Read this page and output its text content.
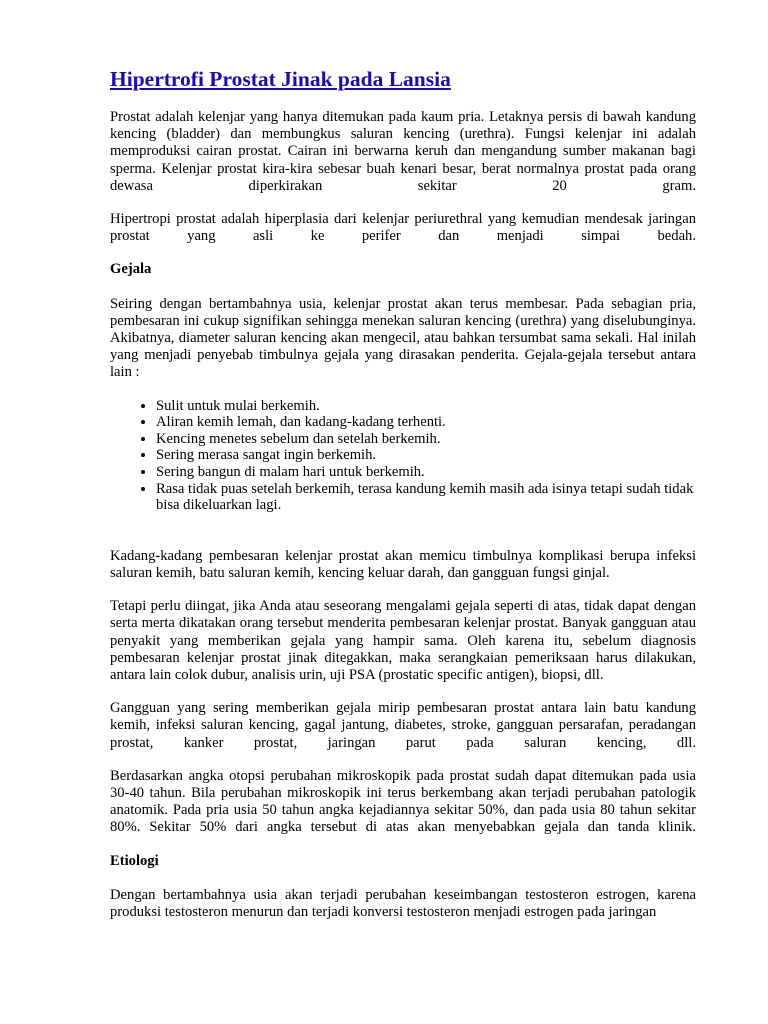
Hipertrofi Prostat Jinak pada Lansia

Prostat adalah kelenjar yang hanya ditemukan pada kaum pria. Letaknya persis di bawah kandung kencing (bladder) dan membungkus saluran kencing (urethra). Fungsi kelenjar ini adalah memproduksi cairan prostat. Cairan ini berwarna keruh dan mengandung sumber makanan bagi sperma. Kelenjar prostat kira-kira sebesar buah kenari besar, berat normalnya prostat pada orang dewasa diperkirakan sekitar 20 gram.

Hipertropi prostat adalah hiperplasia dari kelenjar periurethral yang kemudian mendesak jaringan prostat yang asli ke perifer dan menjadi simpai bedah.

Gejala

Seiring dengan bertambahnya usia, kelenjar prostat akan terus membesar. Pada sebagian pria, pembesaran ini cukup signifikan sehingga menekan saluran kencing (urethra) yang diselubunginya. Akibatnya, diameter saluran kencing akan mengecil, atau bahkan tersumbat sama sekali. Hal inilah yang menjadi penyebab timbulnya gejala yang dirasakan penderita. Gejala-gejala tersebut antara lain :

• Sulit untuk mulai berkemih.
• Aliran kemih lemah, dan kadang-kadang terhenti.
• Kencing menetes sebelum dan setelah berkemih.
• Sering merasa sangat ingin berkemih.
• Sering bangun di malam hari untuk berkemih.
• Rasa tidak puas setelah berkemih, terasa kandung kemih masih ada isinya tetapi sudah tidak bisa dikeluarkan lagi.

Kadang-kadang pembesaran kelenjar prostat akan memicu timbulnya komplikasi berupa infeksi saluran kemih, batu saluran kemih, kencing keluar darah, dan gangguan fungsi ginjal.

Tetapi perlu diingat, jika Anda atau seseorang mengalami gejala seperti di atas, tidak dapat dengan serta merta dikatakan orang tersebut menderita pembesaran kelenjar prostat. Banyak gangguan atau penyakit yang memberikan gejala yang hampir sama. Oleh karena itu, sebelum diagnosis pembesaran kelenjar prostat jinak ditegakkan, maka serangkaian pemeriksaan harus dilakukan, antara lain colok dubur, analisis urin, uji PSA (prostatic specific antigen), biopsi, dll.

Gangguan yang sering memberikan gejala mirip pembesaran prostat antara lain batu kandung kemih, infeksi saluran kencing, gagal jantung, diabetes, stroke, gangguan persarafan, peradangan prostat, kanker prostat, jaringan parut pada saluran kencing, dll.

Berdasarkan angka otopsi perubahan mikroskopik pada prostat sudah dapat ditemukan pada usia 30-40 tahun. Bila perubahan mikroskopik ini terus berkembang akan terjadi perubahan patologik anatomik. Pada pria usia 50 tahun angka kejadiannya sekitar 50%, dan pada usia 80 tahun sekitar 80%. Sekitar 50% dari angka tersebut di atas akan menyebabkan gejala dan tanda klinik.

Etiologi

Dengan bertambahnya usia akan terjadi perubahan keseimbangan testosteron estrogen, karena produksi testosteron menurun dan terjadi konversi testosteron menjadi estrogen pada jaringan
